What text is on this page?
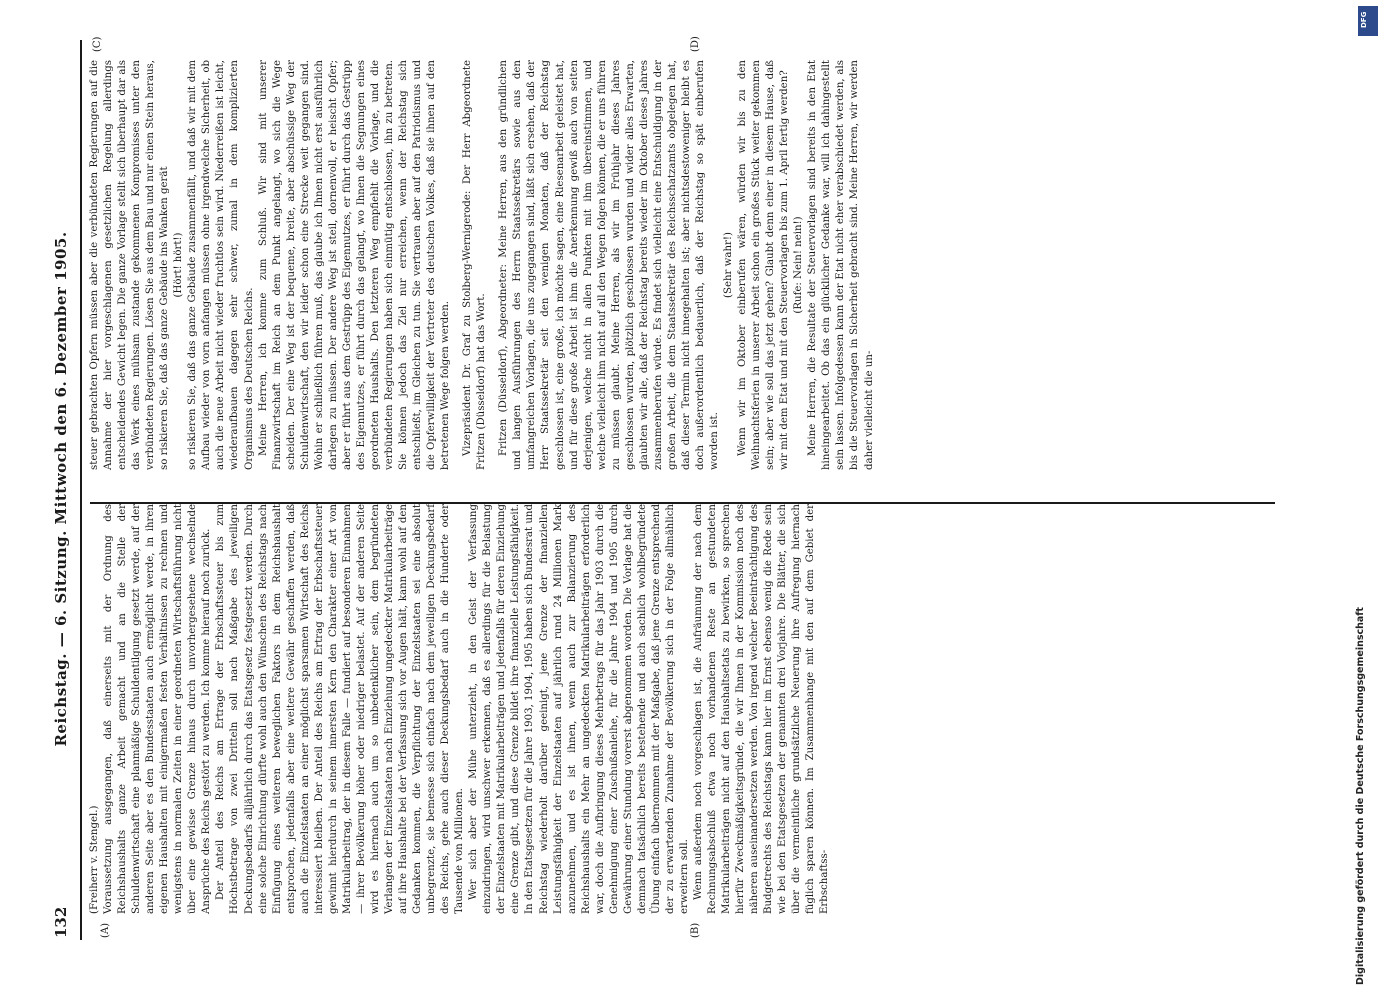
132
Reichstag. — 6. Sitzung. Mittwoch den 6. Dezember 1905.
(A)	(B)
(C)	(D)

(Freiherr v. Stengel.) Voraussetzung ausgegangen, daß einerseits mit der Ordnung des Reichshaushalts ganze Arbeit gemacht und an die Stelle der Schuldenwirtschaft eine planmäßige Schuldentilgung gesetzt werde, auf der anderen Seite aber es den Bundesstaaten auch ermöglicht werde, in ihren eigenen Haushalten mit einigermaßen festen Verhältnissen zu rechnen und wenigstens in normalen Zeiten in einer geordneten Wirtschaftsführung nicht über eine gewisse Grenze hinaus durch unvorhergesehene wechselnde Ansprüche des Reichs gestört zu werden. Ich komme hierauf noch zurück. Der Anteil des Reichs am Ertrage der Erbschaftssteuer bis zum Höchstbetrage von zwei Dritteln soll nach Maßgabe des jeweiligen Deckungsbedarfs alljährlich durch das Etatsgesetz festgesetzt werden. Durch eine solche Einrichtung dürfte wohl auch den Wünschen des Reichstags nach Einfügung eines weiteren beweglichen Faktors in dem Reichshaushalt entsprochen, jedenfalls aber eine weitere Gewähr geschaffen werden, daß auch die Einzelstaaten an einer möglichst sparsamen Wirtschaft des Reichs interessiert bleiben. Der Anteil des Reichs am Ertrag der Erbschaftssteuer gewinnt hierdurch in seinem innersten Kern den Charakter einer Art von Matrikularbeitrag, der in diesem Falle — fundiert auf besonderen Einnahmen — ihrer Bevölkerung höher oder niedriger belastet. Auf der anderen Seite wird es hiernach auch um so unbedenklicher sein, dem begründeten Verlangen der Einzelstaaten nach Einziehung ungedeckter Matrikularbeiträge auf ihre Haushalte bei der Verfassung sich vor Augen hält, kann wohl auf den Gedanken kommen, die Verpflichtung der Einzelstaaten sei eine absolut unbegrenzte, sie bemesse sich einfach nach dem jeweiligen Deckungsbedarf des Reichs, gehe auch dieser Deckungsbedarf auch in die Hunderte oder Tausende von Millionen. Wer sich aber der Mühe unterzieht, in den Geist der Verfassung einzudringen, wird unschwer erkennen, daß es allerdings für die Belastung der Einzelstaaten mit Matrikularbeiträgen und jedenfalls für deren Einziehung eine Grenze gibt, und diese Grenze bildet ihre finanzielle Leistungsfähigkeit. In den Etatsgesetzen für die Jahre 1903, 1904, 1905 haben sich Bundesrat und Reichstag wiederholt darüber geeinigt, jene Grenze der finanziellen Leistungsfähigkeit der Einzelstaaten auf jährlich rund 24 Millionen Mark anzunehmen, und es ist ihnen, wenn auch zur Balanzierung des Reichshaushalts ein Mehr an ungedeckten Matrikularbeiträgen erforderlich war, doch die Aufbringung dieses Mehrbetrags für das Jahr 1903 durch die Genehmigung einer Zuschußanleihe, für die Jahre 1904 und 1905 durch Gewährung einer Stundung vorerst abgenommen worden. Die Vorlage hat die demnach tatsächlich bereits bestehende und auch sachlich wohlbegründete Übung einfach übernommen mit der Maßgabe, daß jene Grenze entsprechend der zu erwartenden Zunahme der Bevölkerung sich in der Folge allmählich erweitern soll. Wenn außerdem noch vorgeschlagen ist, die Aufräumung der nach dem Rechnungsabschluß etwa noch vorhandenen Reste an gestundeten Matrikularbeiträgen nicht auf den Haushaltsetats zu bewirken, so sprechen hierfür Zweckmäßigkeitsgründe, die wir Ihnen in der Kommission noch des näheren auseinandersetzen werden. Von irgend welcher Beeinträchtigung des Budgetrechts des Reichstags kann hier im Ernst ebenso wenig die Rede sein wie bei den Etatsgesetzen der genannten drei Vorjahre. Die Blätter, die sich über die vermeintliche grundsätzliche Neuerung ihre Aufregung hiernach füglich sparen können. Im Zusammenhange mit den auf dem Gebiet der Erbschaftss-

steuer gebrachten Opfern müssen aber die verbündeten Regierungen auf die Annahme der hier vorgeschlagenen gesetzlichen Regelung allerdings entscheidendes Gewicht legen. Die ganze Vorlage stellt sich überhaupt dar als das Werk eines mühsam zustande gekommenen Kompromisses unter den verbündeten Regierungen. Lösen Sie aus dem Bau und nur einen Stein heraus, so riskieren Sie, daß das ganze Gebäude ins Wanken gerät (Hört! hört!) so riskieren Sie, daß das ganze Gebäude zusammenfällt, und daß wir mit dem Aufbau wieder von vorn anfangen müssen ohne irgendwelche Sicherheit, ob auch die neue Arbeit nicht wieder fruchtlos sein wird. Niederreißen ist leicht, wiederaufbauen dagegen sehr schwer, zumal in dem komplizierten Organismus des Deutschen Reichs. Meine Herren, ich komme zum Schluß. Wir sind mit unserer Finanzwirtschaft im Reich an dem Punkt angelangt, wo sich die Wege scheiden. Der eine Weg ist der bequeme, breite, aber abschüssige Weg der Schuldenwirtschaft, den wir leider schon eine Strecke weit gegangen sind. Wohin er schließlich führen muß, das glaube ich Ihnen nicht erst ausführlich darlegen zu müssen. Der andere Weg ist steil, dornenvoll, er heischt Opfer; aber er führt aus dem Gestrüpp des Eigennutzes, er führt durch das Gestrüpp des Eigennutzes, er führt durch das gelangt, wo Ihnen die Segnungen eines geordneten Haushalts. Den letzteren Weg empfiehlt die Vorlage, und die verbündeten Regierungen haben sich einmütig entschlossen, ihn zu betreten. Sie können jedoch das Ziel nur erreichen, wenn der Reichstag sich entschließt, im Gleichen zu tun. Sie vertrauen aber auf den Patriotismus und die Opferwilligkeit der Vertreter des deutschen Volkes, daß sie ihnen auf den betretenen Wege folgen werden. Vizepräsident Dr. Graf zu Stolberg-Wernigerode: Der Herr Abgeordnete Fritzen (Düsseldorf) hat das Wort. Fritzen (Düsseldorf), Abgeordneter: Meine Herren, aus den gründlichen und langen Ausführungen des Herrn Staatssekretärs sowie aus den umfangreichen Vorlagen, die uns zugegangen sind, läßt sich ersehen, daß der Herr Staatssekretär seit den wenigen Monaten, daß der Reichstag geschlossen ist, eine große, ich möchte sagen, eine Riesenarbeit geleistet hat, und für diese große Arbeit ist ihm die Anerkennung gewiß auch von seiten derjenigen, welche nicht in allen Punkten mit ihm übereinstimmen, und welche vielleicht ihm nicht auf all den Wegen folgen können, die er uns führen zu müssen glaubt. Meine Herren, als wir im Frühjahr dieses Jahres geschlossen wurden, plötzlich geschlossen wurden und wider alles Erwarten, glaubten wir alle, daß der Reichstag bereits wieder im Oktober dieses Jahres zusammenberufen würde. Es findet sich vielleicht eine Entschuldigung in der großen Arbeit, die dem Staatssekretär des Reichsschatzamts obgelegen hat, daß dieser Termin nicht innegehalten ist; aber nichtsdestoweniger bleibt es doch außerordentlich bedauerlich, daß der Reichstag so spät einberufen worden ist.

(Sehr wahr!) Wenn wir im Oktober einberufen wären, würden wir bis zu den Weihnachtsferien in unserer Arbeit schon ein großes Stück weiter gekommen sein; aber wie soll das jetzt gehen? Glaubt denn einer in diesem Hause, daß wir mit dem Etat und mit den Steuervorlagen bis zum 1. April fertig werden? (Rufe: Nein! nein!) Meine Herren, die Resultate der Steuervorlagen sind bereits in den Etat hineingearbeitet. Ob das ein glücklicher Gedanke war, will ich dahingestellt sein lassen. Infolgedessen kann der Etat nicht eher verabschiedet werden, als bis die Steuervorlagen in Sicherheit gebracht sind. Meine Herren, wir werden daher vielleicht die un-

DFG
Digitalisierung gefördert durch die Deutsche Forschungsgemeinschaft
